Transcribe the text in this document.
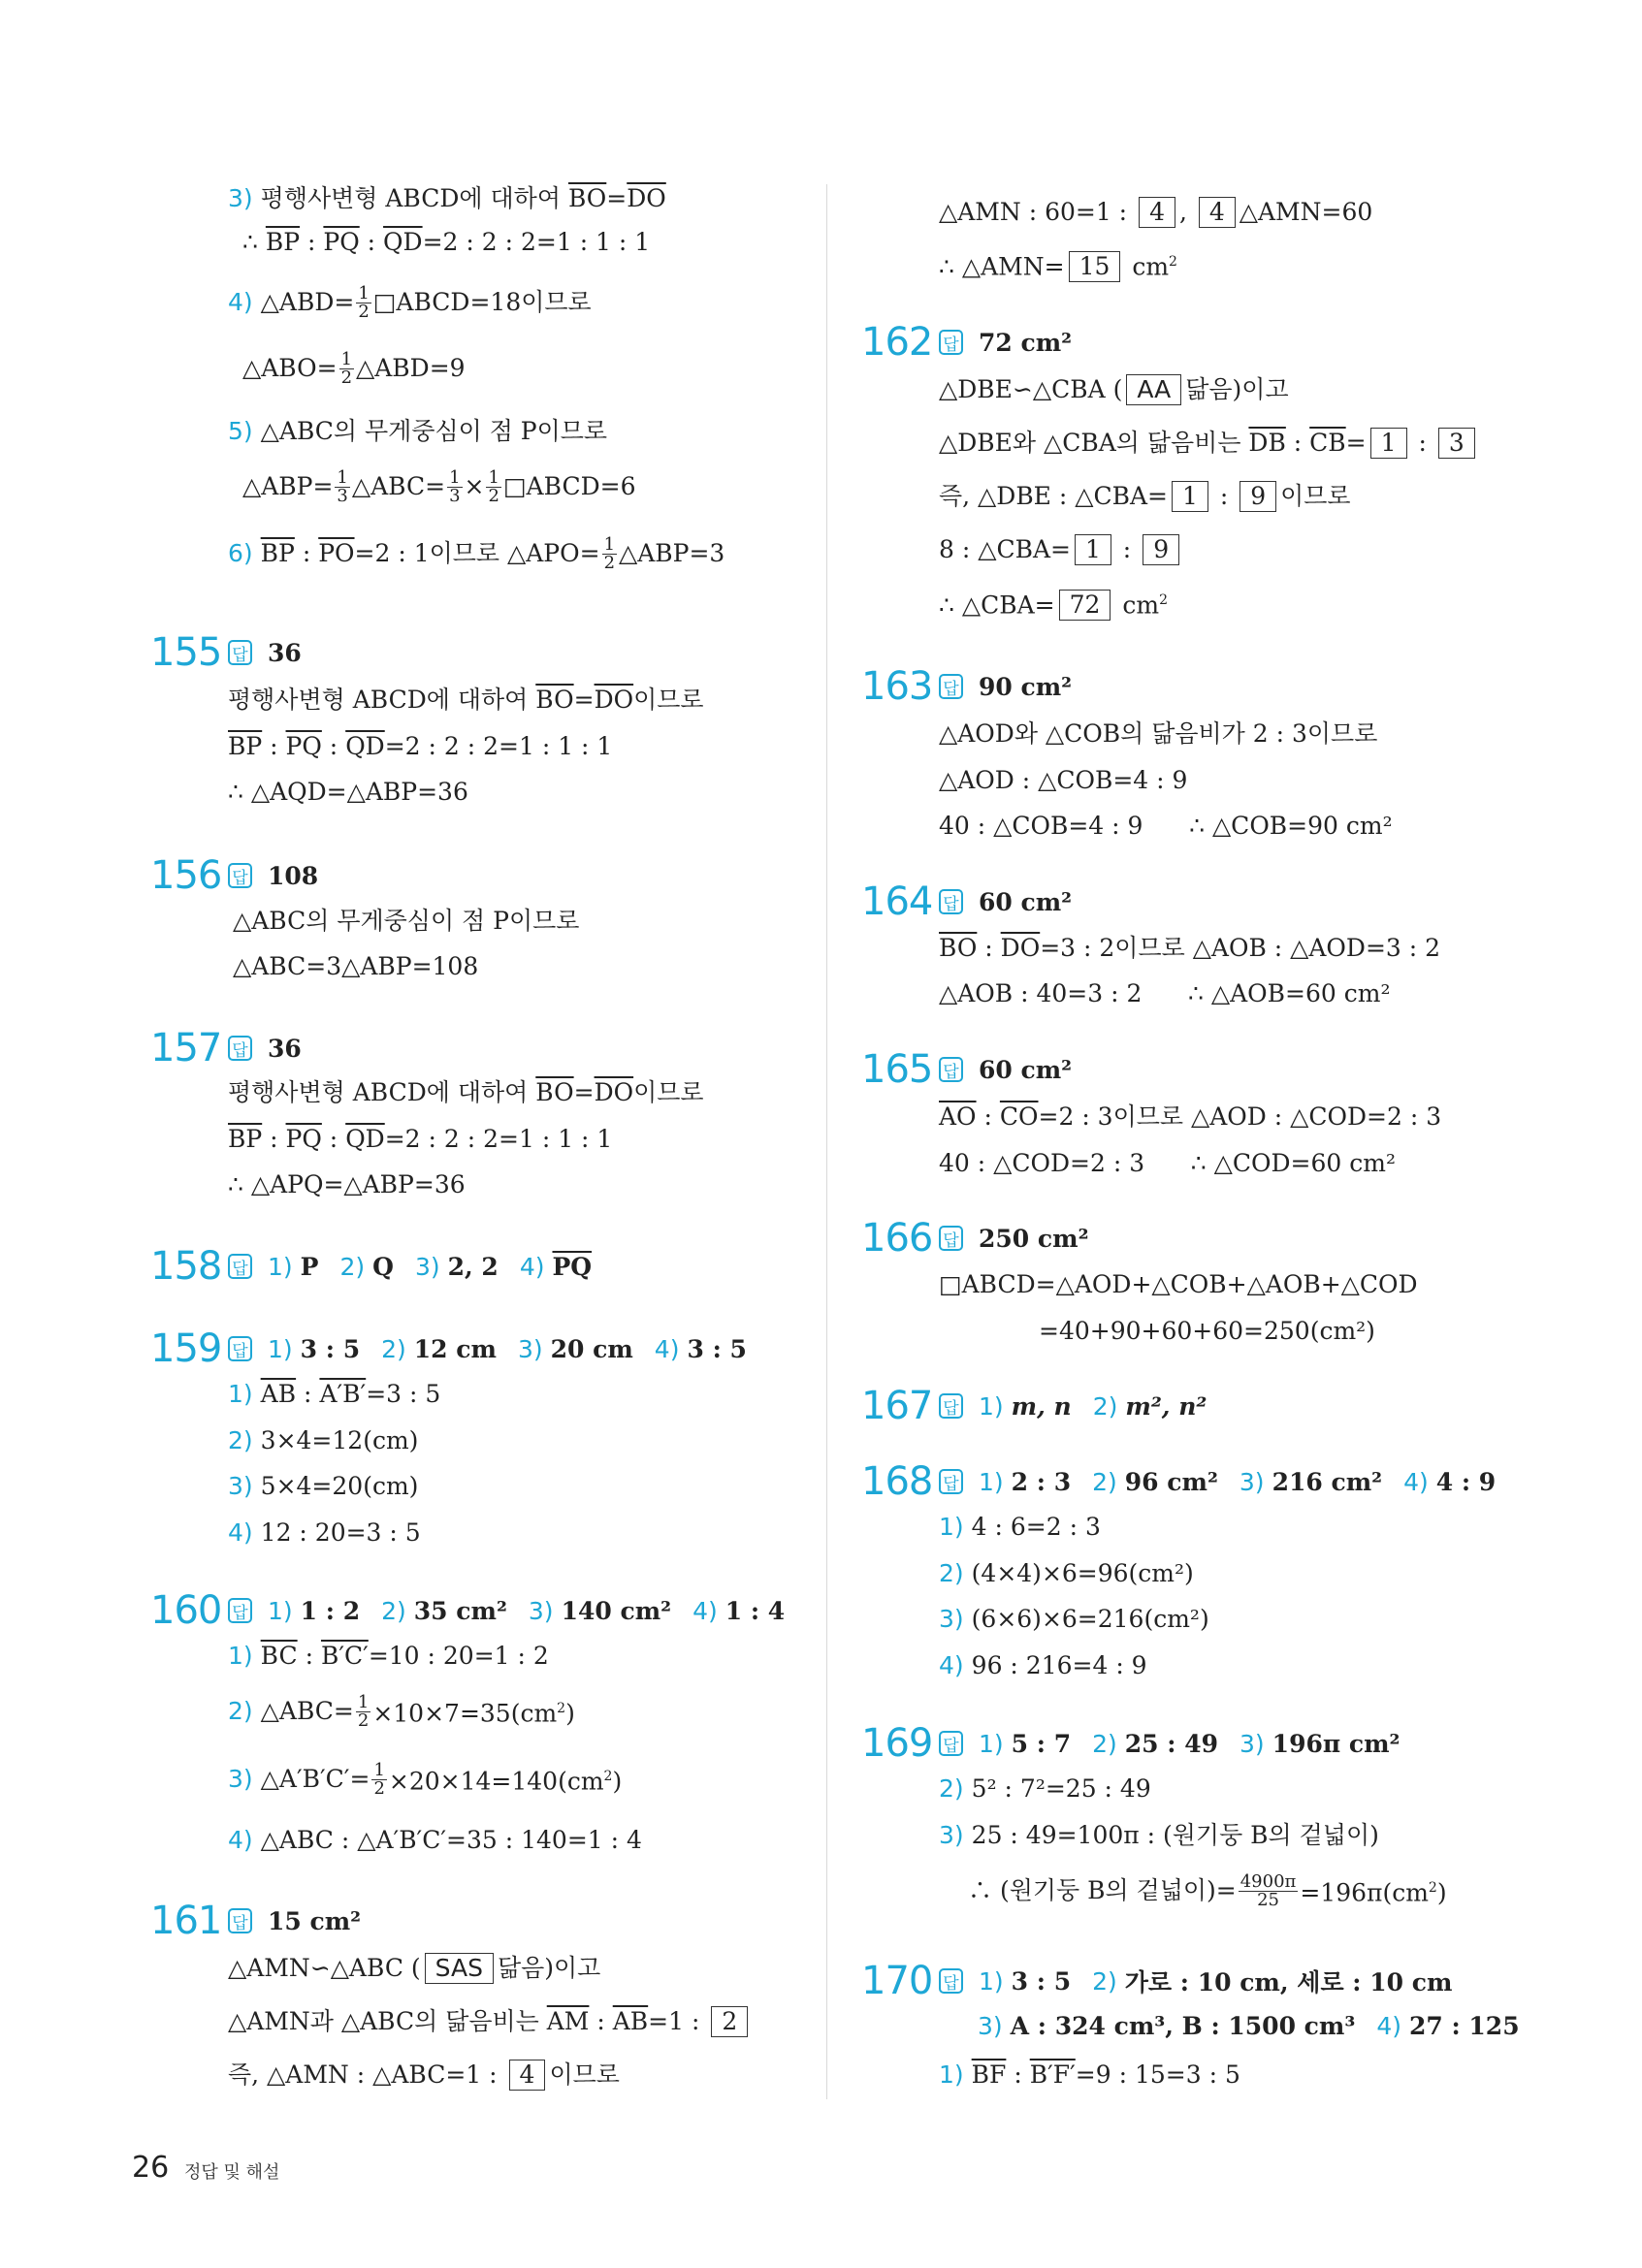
3) 평행사변형 ABCD에 대하여 $\overline{BO}=\overline{DO}$
∴ $\overline{BP}$ : $\overline{PQ}$ : $\overline{QD}=2$ : 2 : 2=1 : 1 : 1
4) △ABD= $\frac{1}{2}$ □ABCD=18이므로
△ABO= $\frac{1}{2}$ △ABD=9
5) △ABC의 무게중심이 점 P이므로
△ABP= $\frac{1}{3}$ △ABC= $\frac{1}{3} \times \frac{1}{2}$ □ABCD=6
6) $\overline{BP}$ : $\overline{PO}=2$ : 1이므로 △APO= $\frac{1}{2}$ △ABP=3
155 답 36
평행사변형 ABCD에 대하여 $\overline{BO}=\overline{DO}$이므로
$\overline{BP}$ : $\overline{PQ}$ : $\overline{QD}=2$ : 2 : 2=1 : 1 : 1
∴ △AQD=△ABP=36
156 답 108
△ABC의 무게중심이 점 P이므로
△ABC=3△ABP=108
157 답 36
평행사변형 ABCD에 대하여 $\overline{BO}=\overline{DO}$이므로
$\overline{BP}$ : $\overline{PQ}$ : $\overline{QD}=2$ : 2 : 2=1 : 1 : 1
∴ △APQ=△ABP=36
158 답 1) P 2) Q 3) 2, 2 4) $\overline{PQ}$
159 답 1) 3 : 5 2) 12 cm 3) 20 cm 4) 3 : 5
1) $\overline{AB}$ : A′B′=3 : 5
2) 3×4=12(cm)
3) 5×4=20(cm)
4) 12 : 20=3 : 5
160 답 1) 1 : 2 2) 35 cm² 3) 140 cm² 4) 1 : 4
1) $\overline{BC}$ : B′C′=10 : 20=1 : 2
2) △ABC= $\frac{1}{2} \times 10\times 7=35(cm^2)$
3) △A′B′C′= $\frac{1}{2} \times 20\times 14=140(cm^2)$
4) △ABC : △A′B′C′=35 : 140=1 : 4
161 답 15 cm²
△AMN∽△ABC ( SAS 닮음)이고
△AMN과 △ABC의 닮음비는 $\overline{AM}$ : $\overline{AB}=1$ : 2
즉, △AMN : △ABC=1 : 4 이므로
△AMN : 60=1 : 4 , 4 △AMN=60
∴ △AMN= 15 $cm^2$
162 답 72 cm²
△DBE∽△CBA ( AA 닮음)이고
△DBE와 △CBA의 닮음비는 $\overline{DB}$ : $\overline{CB}= 1$ : 3
즉, △DBE : △CBA= 1 : 9 이므로
8 : △CBA= 1 : 9
∴ △CBA= 72 $cm^2$
163 답 90 cm²
△AOD와 △COB의 닮음비가 2 : 3이므로
△AOD : △COB=4 : 9
40 : △COB=4 : 9      ∴ △COB=90 cm²
164 답 60 cm²
$\overline{BO}$ : $\overline{DO}=3$ : 2이므로 △AOB : △AOD=3 : 2
△AOB : 40=3 : 2      ∴ △AOB=60 cm²
165 답 60 cm²
$\overline{AO}$ : $\overline{CO}=2$ : 3이므로 △AOD : △COD=2 : 3
40 : △COD=2 : 3      ∴ △COD=60 cm²
166 답 250 cm²
□ABCD=△AOD+△COB+△AOB+△COD
=40+90+60+60=250(cm²)
167 답 1) m, n 2) m², n²
168 답 1) 2 : 3 2) 96 cm² 3) 216 cm² 4) 4 : 9
1) 4 : 6=2 : 3
2) (4×4)×6=96(cm²)
3) (6×6)×6=216(cm²)
4) 96 : 216=4 : 9
169 답 1) 5 : 7 2) 25 : 49 3) 196π cm²
2) 5² : 7²=25 : 49
3) 25 : 49=100π : (원기둥 B의 겉넓이)
∴ (원기둥 B의 겉넓이)= $\frac{4900\pi}{25} =196\pi(cm^2)$
170 답 1) 3 : 5 2) 가로 : 10 cm, 세로 : 10 cm
3) A : 324 cm³, B : 1500 cm³ 4) 27 : 125
1) $\overline{BF}$ : B′F′=9 : 15=3 : 5
26 정답 및 해설
